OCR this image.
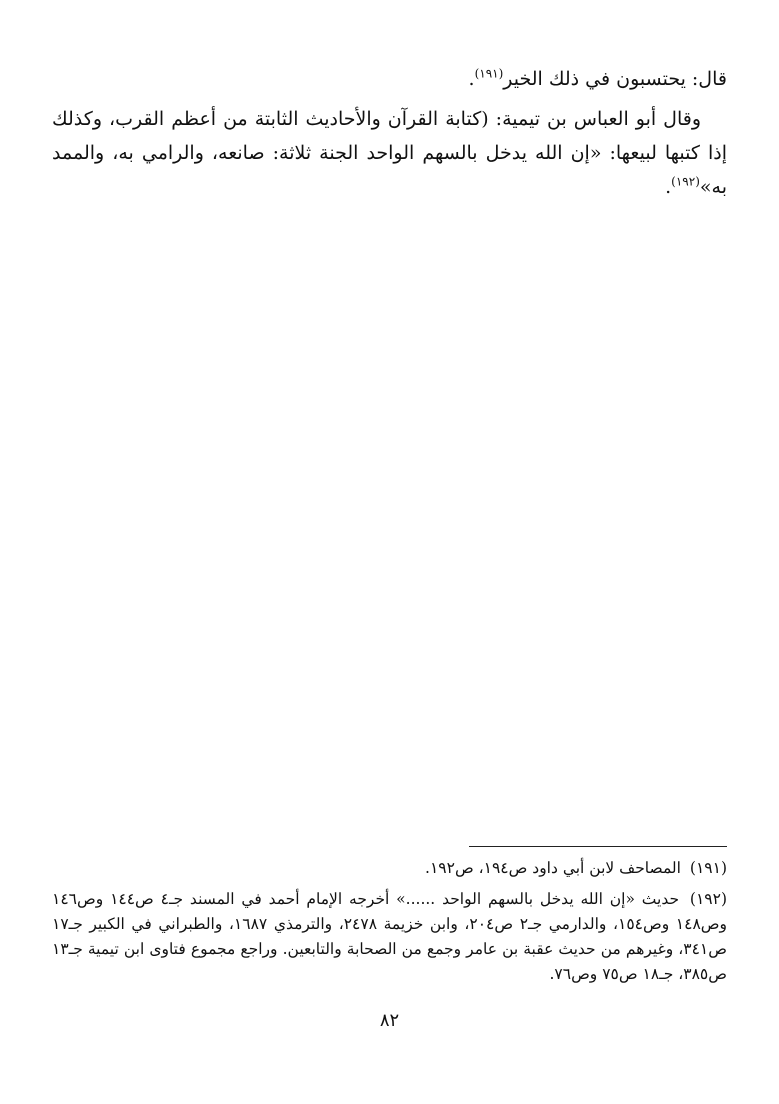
قال: يحتسبون في ذلك الخير$^{(١٩١)}$.

وقال أبو العباس بن تيمية: (كتابة القرآن والأحاديث الثابتة من أعظم القرب، وكذلك إذا كتبها لبيعها: «إن الله يدخل بالسهم الواحد الجنة ثلاثة: صانعه، والرامي به، والممد به»$^{(١٩٢)}$.

(١٩١) المصاحف لابن أبي داود ص١٩٤، ص١٩٢.

(١٩٢) حديث «إن الله يدخل بالسهم الواحد ......» أخرجه الإمام أحمد في المسند جـ٤ ص١٤٤ وص١٤٦ وص١٤٨ وص١٥٤، والدارمي جـ٢ ص٢٠٤، وابن خزيمة ٢٤٧٨، والترمذي ١٦٨٧، والطبراني في الكبير جـ١٧ ص٣٤١، وغيرهم من حديث عقبة بن عامر وجمع من الصحابة والتابعين. وراجع مجموع فتاوى ابن تيمية جـ١٣ ص٣٨٥، جـ١٨ ص٧٥ وص٧٦.

٨٢
